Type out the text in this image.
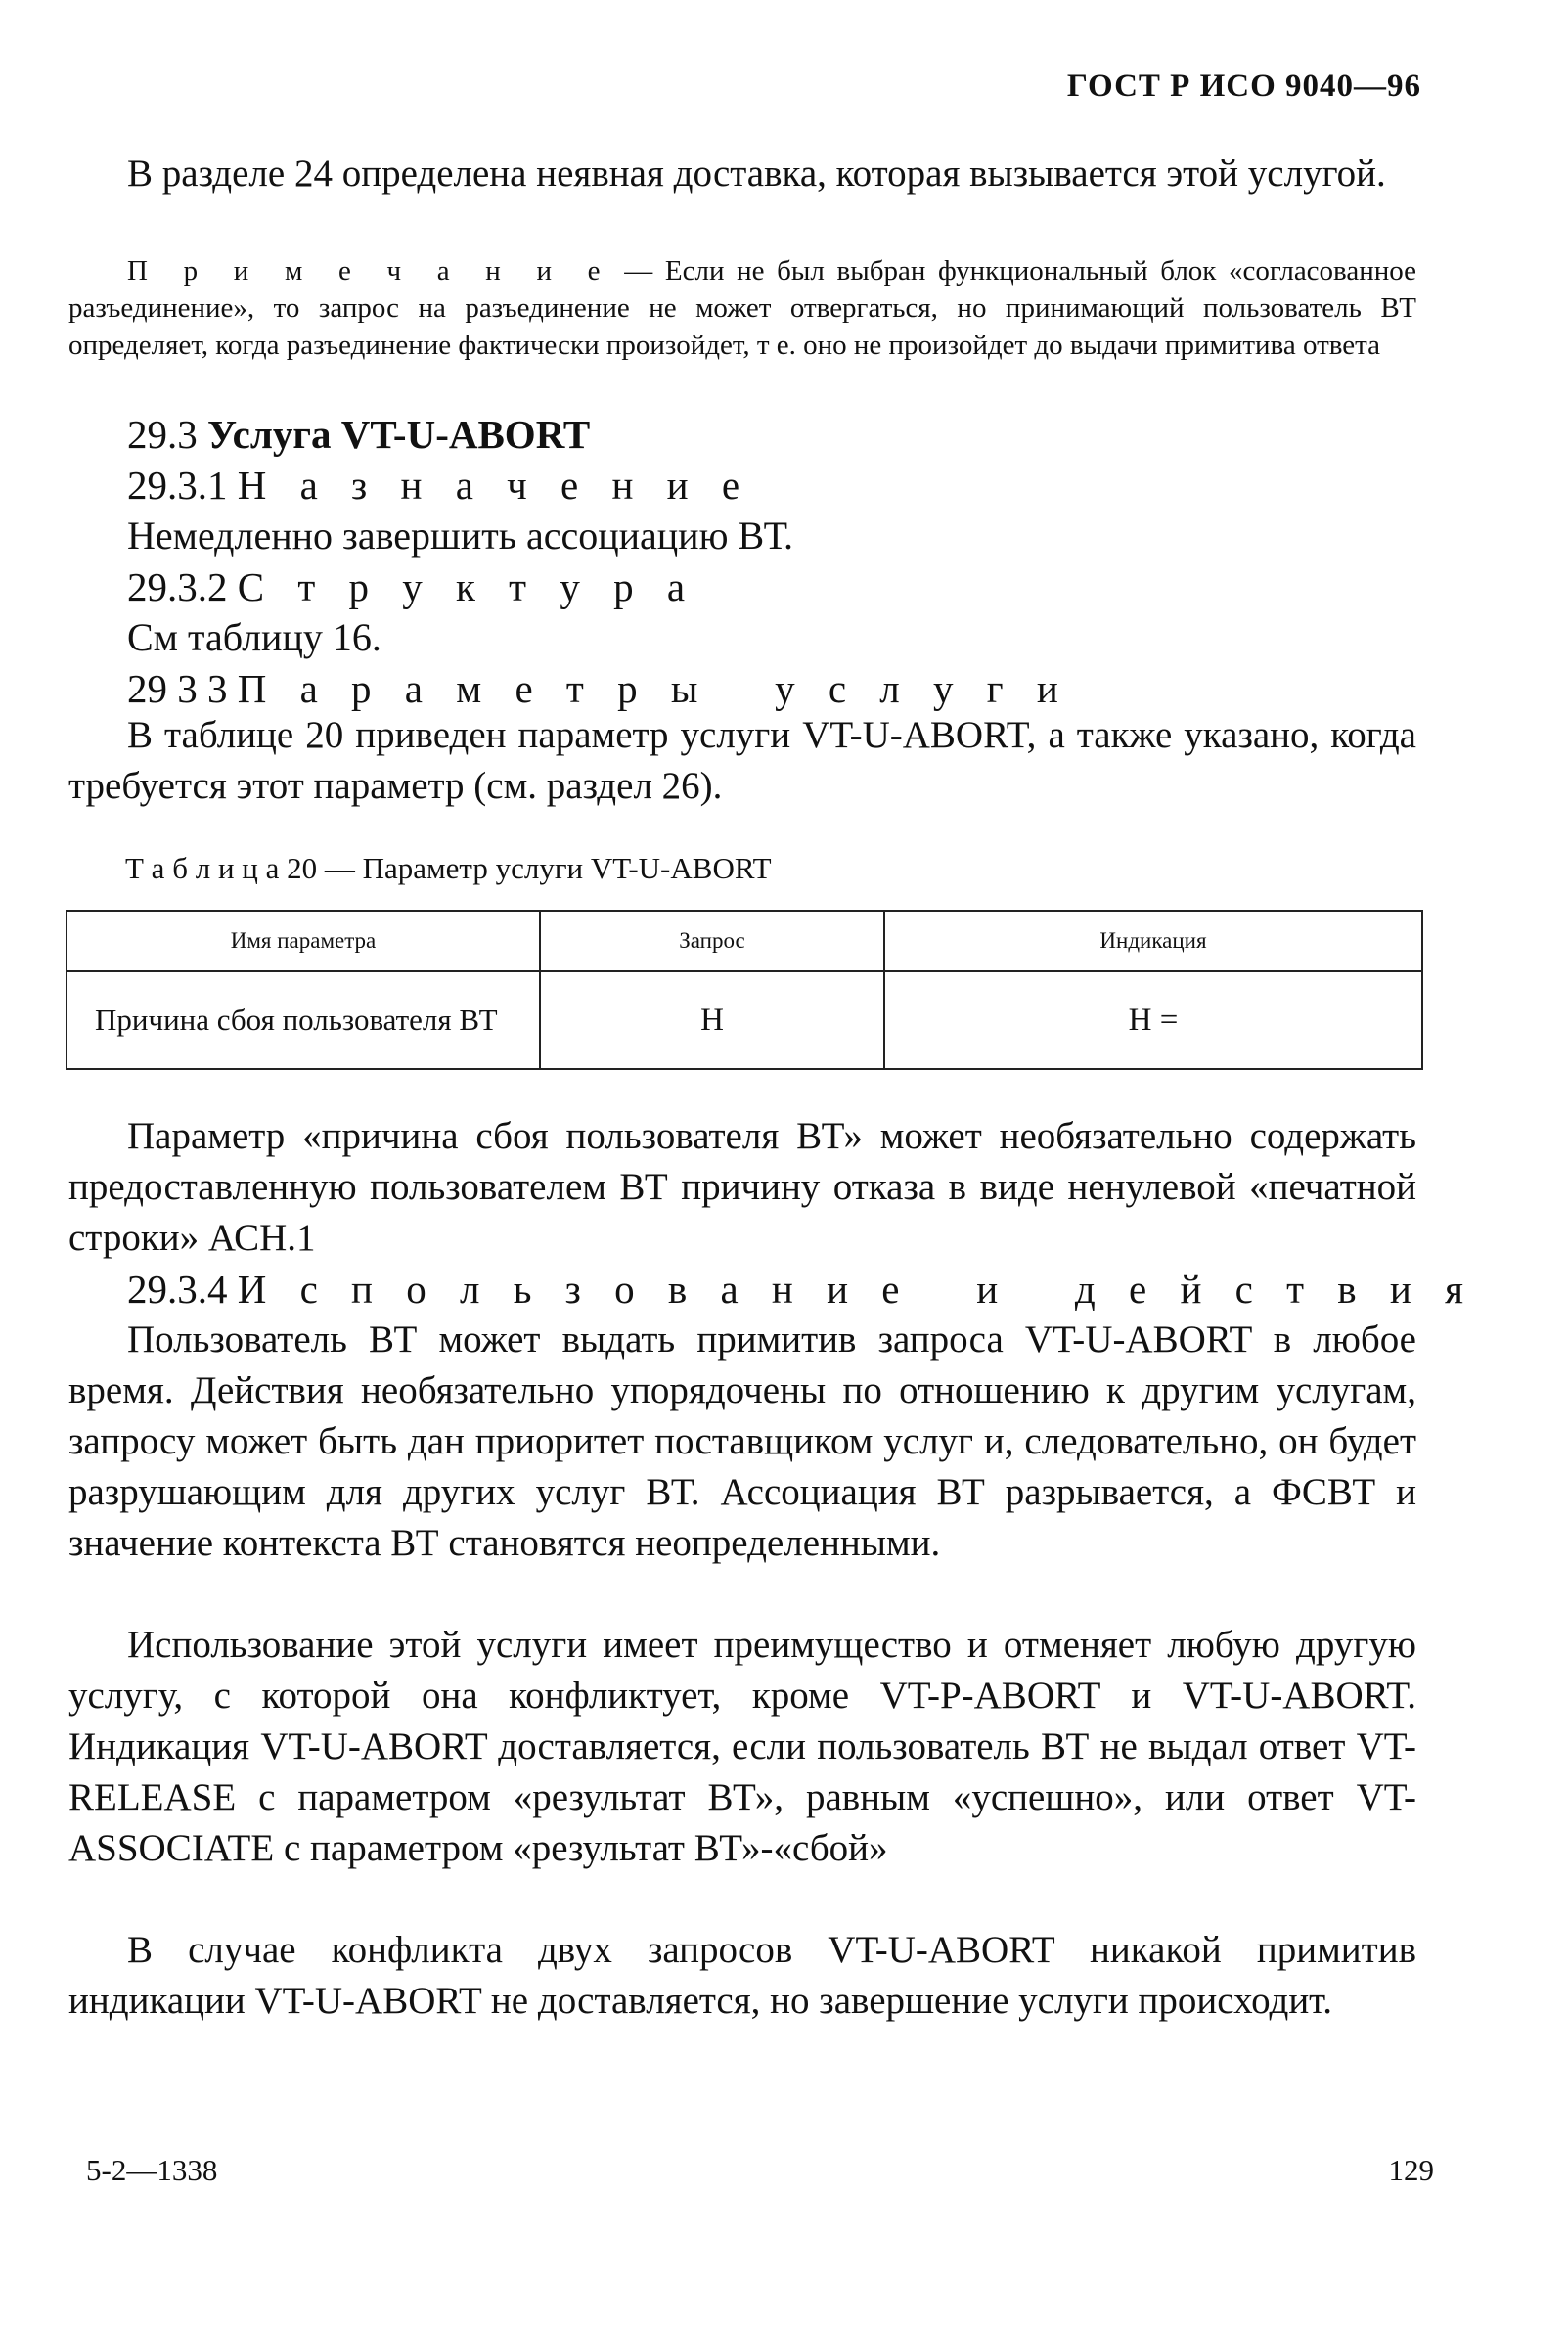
ГОСТ Р ИСО 9040—96

В разделе 24 определена неявная доставка, которая вызывается этой услугой.

П р и м е ч а н и е — Если не был выбран функциональный блок «согласованное разъединение», то запрос на разъединение не может отвергаться, но принимающий пользователь ВТ определяет, когда разъединение фактически произойдет, т е. оно не произойдет до выдачи примитива ответа

29.3 Услуга VT-U-ABORT
29.3.1 Н а з н а ч е н и е
Немедленно завершить ассоциацию ВТ.
29.3.2 С т р у к т у р а
См таблицу 16.
29 3 3 П а р а м е т р ы   у с л у г и

В таблице 20 приведен параметр услуги VT-U-ABORT, а также указано, когда требуется этот параметр (см. раздел 26).

Т а б л и ц а 20 — Параметр услуги VT-U-ABORT
Имя параметра	Запрос	Индикация
Причина сбоя пользователя ВТ	Н	Н =

Параметр «причина сбоя пользователя ВТ» может необязательно содержать предоставленную пользователем ВТ причину отказа в виде ненулевой «печатной строки» АСН.1

29.3.4 И с п о л ь з о в а н и е   и   д е й с т в и я

Пользователь ВТ может выдать примитив запроса VT-U-ABORT в любое время. Действия необязательно упорядочены по отношению к другим услугам, запросу может быть дан приоритет поставщиком услуг и, следовательно, он будет разрушающим для других услуг ВТ. Ассоциация ВТ разрывается, а ФСВТ и значение контекста ВТ становятся неопределенными.

Использование этой услуги имеет преимущество и отменяет любую другую услугу, с которой она конфликтует, кроме VT-P-ABORT и VT-U-ABORT. Индикация VT-U-ABORT доставляется, если пользователь ВТ не выдал ответ VT-RELEASE с параметром «результат ВТ», равным «успешно», или ответ VT-ASSOCIATE с параметром «результат ВТ»-«сбой»

В случае конфликта двух запросов VT-U-ABORT никакой примитив индикации VT-U-ABORT не доставляется, но завершение услуги происходит.

5-2—1338	129
